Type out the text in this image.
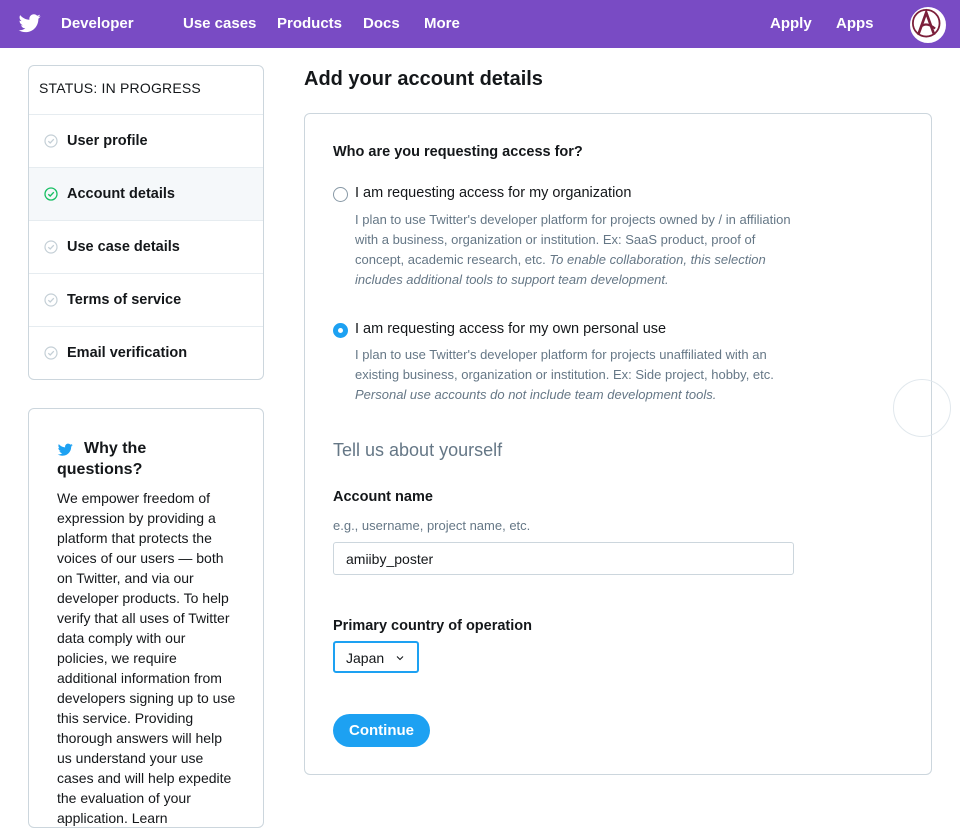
Developer	Use cases Products Docs More	Apply Apps
STATUS: IN PROGRESS
User profile
Account details
Use case details
Terms of service
Email verification
Why the questions?

We empower freedom of expression by providing a platform that protects the voices of our users — both on Twitter, and via our developer products. To help verify that all uses of Twitter data comply with our policies, we require additional information from developers signing up to use this service. Providing thorough answers will help us understand your use cases and will help expedite the evaluation of your application. Learn

Add your account details
Who are you requesting access for?
I am requesting access for my organization

I plan to use Twitter's developer platform for projects owned by / in affiliation with a business, organization or institution. Ex: SaaS product, proof of concept, academic research, etc. To enable collaboration, this selection includes additional tools to support team development.

I am requesting access for my own personal use

I plan to use Twitter's developer platform for projects unaffiliated with an existing business, organization or institution. Ex: Side project, hobby, etc. Personal use accounts do not include team development tools.

Tell us about yourself
Account name
e.g., username, project name, etc.
amiiby_poster
Primary country of operation
Japan
Continue
